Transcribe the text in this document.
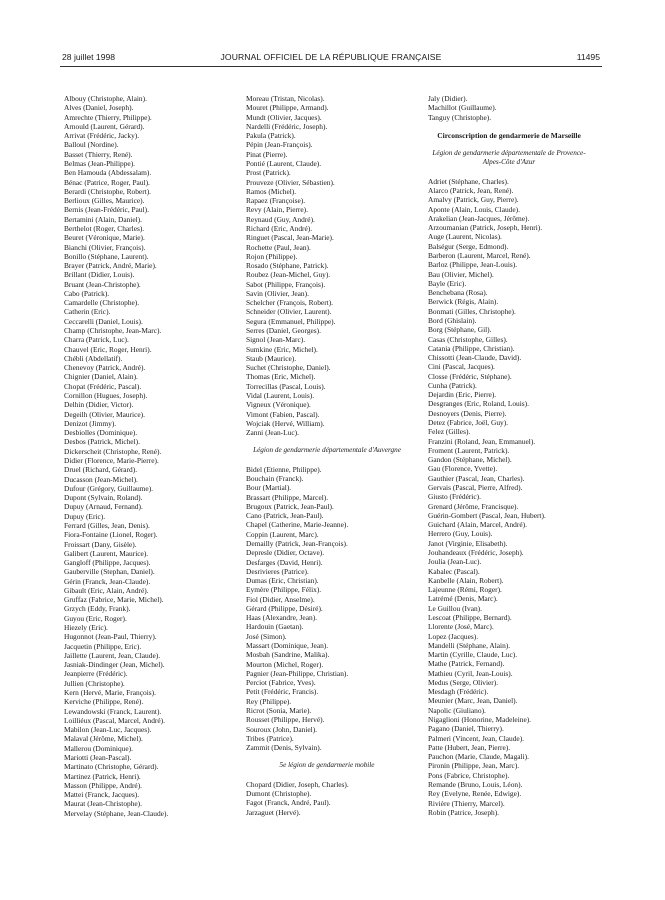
28 juillet 1998	JOURNAL OFFICIEL DE LA RÉPUBLIQUE FRANÇAISE	11495
Albouy (Christophe, Alain).
Alves (Daniel, Joseph).
Amrechte (Thierry, Philippe).
Arnould (Laurent, Gérard).
Arrivat (Frédéric, Jacky).
Balloul (Nordine).
Basset (Thierry, René).
Belmas (Jean-Philippe).
Ben Hamouda (Abdessalam).
Bénac (Patrice, Roger, Paul).
Berardi (Christophe, Robert).
Berlioux (Gilles, Maurice).
Bernis (Jean-Frédéric, Paul).
Bertamini (Alain, Daniel).
Berthelot (Roger, Charles).
Beuret (Véronique, Marie).
Bianchi (Olivier, François).
Bonillo (Stéphane, Laurent).
Brayer (Patrick, André, Marie).
Brillant (Didier, Louis).
Bruant (Jean-Christophe).
Cabo (Patrick).
Camardelle (Christophe).
Catherin (Eric).
Ceccarelli (Daniel, Louis).
Champ (Christophe, Jean-Marc).
Charra (Patrick, Luc).
Chauvel (Eric, Roger, Henri).
Chébli (Abdellatif).
Chenevoy (Patrick, André).
Chignier (Daniel, Alain).
Chopat (Frédéric, Pascal).
Cornillon (Hugues, Joseph).
Delhin (Didier, Victor).
Degeilh (Olivier, Maurice).
Denizot (Jimmy).
Desbiolles (Dominique).
Desbos (Patrick, Michel).
Dickerscheit (Christophe, René).
Didier (Florence, Marie-Pierre).
Druel (Richard, Gérard).
Ducasson (Jean-Michel).
Dufour (Grégory, Guillaume).
Dupont (Sylvain, Roland).
Dupuy (Arnaud, Fernand).
Dupuy (Eric).
Ferrard (Gilles, Jean, Denis).
Fiora-Fontaine (Lionel, Roger).
Froissart (Dany, Gisèle).
Galibert (Laurent, Maurice).
Gangloff (Philippe, Jacques).
Gauberville (Stephan, Daniel).
Gérin (Franck, Jean-Claude).
Gibault (Eric, Alain, André).
Gruffaz (Fabrice, Marie, Michel).
Grzych (Eddy, Frank).
Guyou (Eric, Roger).
Hiezely (Eric).
Hugonnot (Jean-Paul, Thierry).
Jacquetin (Philippe, Eric).
Jaillette (Laurent, Jean, Claude).
Jasniak-Dindinger (Jean, Michel).
Jeanpierre (Frédéric).
Jullien (Christophe).
Kern (Hervé, Marie, François).
Kerviche (Philippe, René).
Lewandowski (Franck, Laurent).
Loilliéux (Pascal, Marcel, André).
Mabilon (Jean-Luc, Jacques).
Malaval (Jérôme, Michel).
Mallerou (Dominique).
Mariotti (Jean-Pascal).
Martinato (Christophe, Gérard).
Martinez (Patrick, Henri).
Masson (Philippe, André).
Mattei (Franck, Jacques).
Maurat (Jean-Christophe).
Mervelay (Stéphane, Jean-Claude).
Moreau (Tristan, Nicolas).
Mouret (Philippe, Armand).
Mundt (Olivier, Jacques).
Nardelli (Frédéric, Joseph).
Pakula (Patrick).
Pépin (Jean-François).
Pinat (Pierre).
Pontié (Laurent, Claude).
Prost (Patrick).
Prouveze (Olivier, Sébastien).
Ramos (Michel).
Rapaez (Françoise).
Revy (Alain, Pierre).
Reynaud (Guy, André).
Richard (Eric, André).
Ringuet (Pascal, Jean-Marie).
Rochette (Paul, Jean).
Rojon (Philippe).
Rosado (Stéphane, Patrick).
Roubez (Jean-Michel, Guy).
Sabot (Philippe, François).
Savin (Olivier, Jean).
Schelcher (François, Robert).
Schneider (Olivier, Laurent).
Segura (Emmanuel, Philippe).
Serres (Daniel, Georges).
Signol (Jean-Marc).
Sumkine (Eric, Michel).
Staub (Maurice).
Suchet (Christophe, Daniel).
Thomas (Eric, Michel).
Torrecillas (Pascal, Louis).
Vidal (Laurent, Louis).
Vigneux (Véronique).
Vimont (Fabien, Pascal).
Wojciak (Hervé, William).
Zanni (Jean-Luc).
Légion de gendarmerie départementale d'Auvergne
Bidel (Etienne, Philippe).
Bouchain (Franck).
Bour (Martial).
Brassart (Philippe, Marcel).
Brugoux (Patrick, Jean-Paul).
Cano (Patrick, Jean-Paul).
Chapel (Catherine, Marie-Jeanne).
Coppin (Laurent, Marc).
Demailly (Patrick, Jean-François).
Depresle (Didier, Octave).
Desfarges (David, Henri).
Desrivieres (Patrice).
Dumas (Eric, Christian).
Eymère (Philippe, Félix).
Fiol (Didier, Anselme).
Gérard (Philippe, Désiré).
Haas (Alexandre, Jean).
Hardouin (Gaetan).
José (Simon).
Massart (Dominique, Jean).
Mosbah (Sandrine, Malika).
Mourton (Michel, Roger).
Pagnier (Jean-Philippe, Christian).
Perciot (Fabrice, Yves).
Petit (Frédéric, Francis).
Rey (Philippe).
Ricrot (Sonia, Marie).
Rousset (Philippe, Hervé).
Souroux (John, Daniel).
Tribes (Patrice).
Zammit (Denis, Sylvain).
5e légion de gendarmerie mobile
Chopard (Didier, Joseph, Charles).
Dumont (Christophe).
Fagot (Franck, André, Paul).
Jarzaguet (Hervé).
Jaly (Didier).
Machillot (Guillaume).
Tanguy (Christophe).
Circonscription de gendarmerie de Marseille
Légion de gendarmerie départementale de Provence-Alpes-Côte d'Azur
Adriet (Stéphane, Charles).
Alarco (Patrick, Jean, René).
Amalvy (Patrick, Guy, Pierre).
Aponte (Alain, Louis, Claude).
Arakelian (Jean-Jacques, Jérôme).
Arzoumanian (Patrick, Joseph, Henri).
Auge (Laurent, Nicolas).
Balségur (Serge, Edmond).
Barberon (Laurent, Marcel, René).
Barloz (Philippe, Jean-Louis).
Bau (Olivier, Michel).
Bayle (Eric).
Benchebana (Rosa).
Berwick (Régis, Alain).
Bonmati (Gilles, Christophe).
Bord (Ghislain).
Borg (Stéphane, Gil).
Casas (Christophe, Gilles).
Catania (Philippe, Christian).
Chissotti (Jean-Claude, David).
Cini (Pascal, Jacques).
Closse (Frédéric, Stéphane).
Cunha (Patrick).
Dejardin (Eric, Pierre).
Desgranges (Eric, Roland, Louis).
Desnoyers (Denis, Pierre).
Detez (Fabrice, Joël, Guy).
Felez (Gilles).
Franzini (Roland, Jean, Emmanuel).
Froment (Laurent, Patrick).
Gandon (Stéphane, Michel).
Gau (Florence, Yvette).
Gauthier (Pascal, Jean, Charles).
Gervais (Pascal, Pierre, Alfred).
Giusto (Frédéric).
Grenard (Jérôme, Francisque).
Guérin-Gombert (Pascal, Jean, Hubert).
Guichard (Alain, Marcel, André).
Herrero (Guy, Louis).
Janot (Virginie, Elisabeth).
Jouhandeaux (Frédéric, Joseph).
Joulia (Jean-Luc).
Kabalec (Pascal).
Kanbelle (Alain, Robert).
Lajeunne (Rémi, Roger).
Latrémé (Denis, Marc).
Le Guillou (Ivan).
Lescoat (Philippe, Bernard).
Llorente (José, Marc).
Lopez (Jacques).
Mandelli (Stéphane, Alain).
Martin (Cyrille, Claude, Luc).
Mathe (Patrick, Fernand).
Mathieu (Cyril, Jean-Louis).
Medus (Serge, Olivier).
Mesdagh (Frédéric).
Meunier (Marc, Jean, Daniel).
Napolic (Giuliano).
Nigaglioni (Honorine, Madeleine).
Pagano (Daniel, Thierry).
Palmeri (Vincent, Jean, Claude).
Patte (Hubert, Jean, Pierre).
Pauchon (Marie, Claude, Magali).
Pironin (Philippe, Jean, Marc).
Pons (Fabrice, Christophe).
Remande (Bruno, Louis, Léon).
Rey (Evelyne, Renée, Edwige).
Rivière (Thierry, Marcel).
Robin (Patrice, Joseph).
